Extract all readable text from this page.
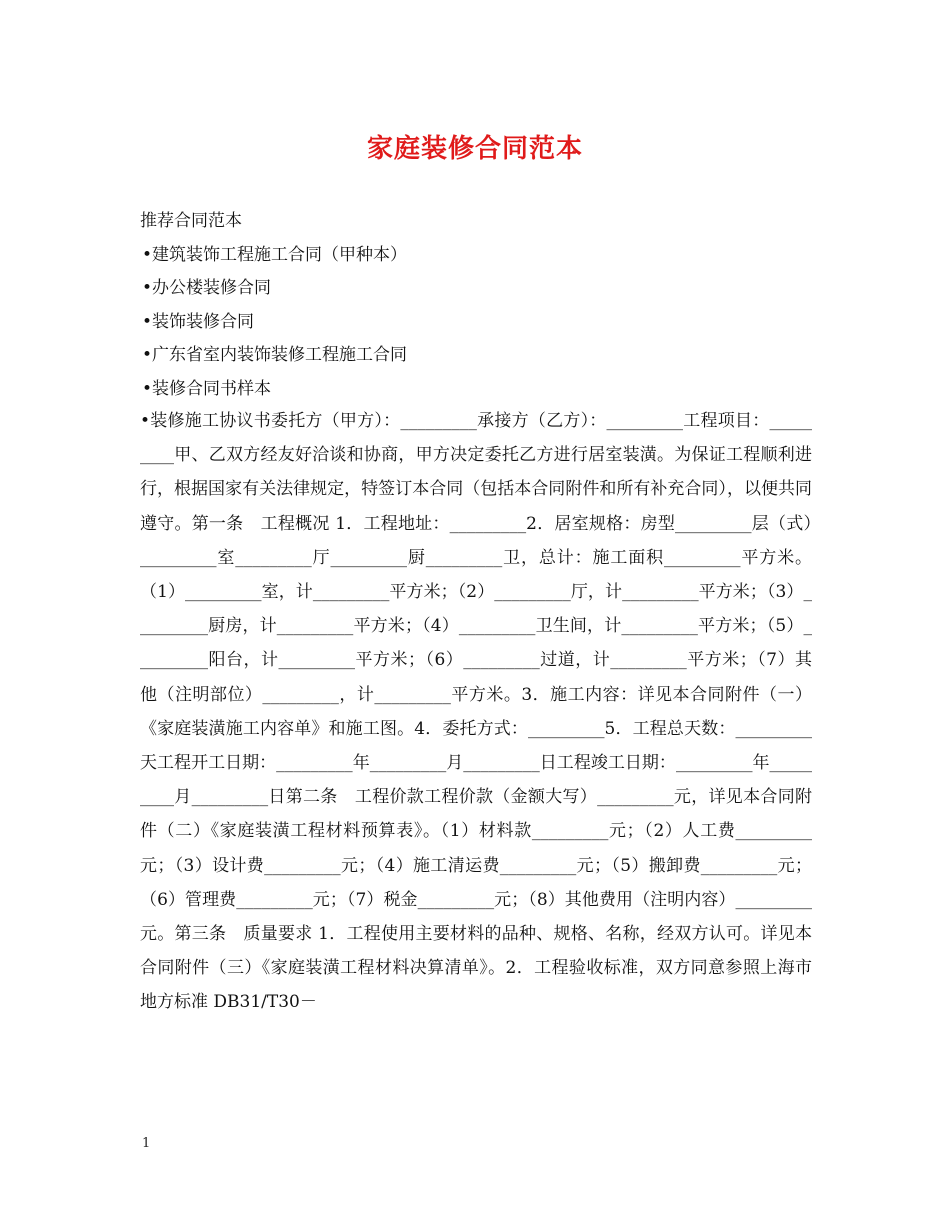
家庭装修合同范本
推荐合同范本
•建筑装饰工程施工合同（甲种本）
•办公楼装修合同
•装饰装修合同
•广东省室内装饰装修工程施工合同
•装修合同书样本
•装修施工协议书委托方（甲方）：_________承接方（乙方）：_________工程项目：_________甲、乙双方经友好洽谈和协商，甲方决定委托乙方进行居室装潢。为保证工程顺利进行，根据国家有关法律规定，特签订本合同（包括本合同附件和所有补充合同），以便共同遵守。第一条　工程概况 1．工程地址：_________2．居室规格：房型_________层（式）_________室_________厅_________厨_________卫，总计：施工面积_________平方米。（1）_________室，计_________平方米；（2）_________厅，计_________平方米；（3）_________厨房，计_________平方米；（4）_________卫生间，计_________平方米；（5）_________阳台，计_________平方米；（6）_________过道，计_________平方米；（7）其他（注明部位）_________，计_________平方米。3．施工内容：详见本合同附件（一）《家庭装潢施工内容单》和施工图。4．委托方式：_________5．工程总天数：_________天工程开工日期：_________年_________月_________日工程竣工日期：_________年_________月_________日第二条　工程价款工程价款（金额大写）_________元，详见本合同附件（二）《家庭装潢工程材料预算表》。（1）材料款_________元；（2）人工费_________元；（3）设计费_________元；（4）施工清运费_________元；（5）搬卸费_________元；（6）管理费_________元；（7）税金_________元；（8）其他费用（注明内容）_________元。第三条　质量要求 1．工程使用主要材料的品种、规格、名称，经双方认可。详见本合同附件（三）《家庭装潢工程材料决算清单》。2．工程验收标准，双方同意参照上海市地方标准 DB31/T30－
1
